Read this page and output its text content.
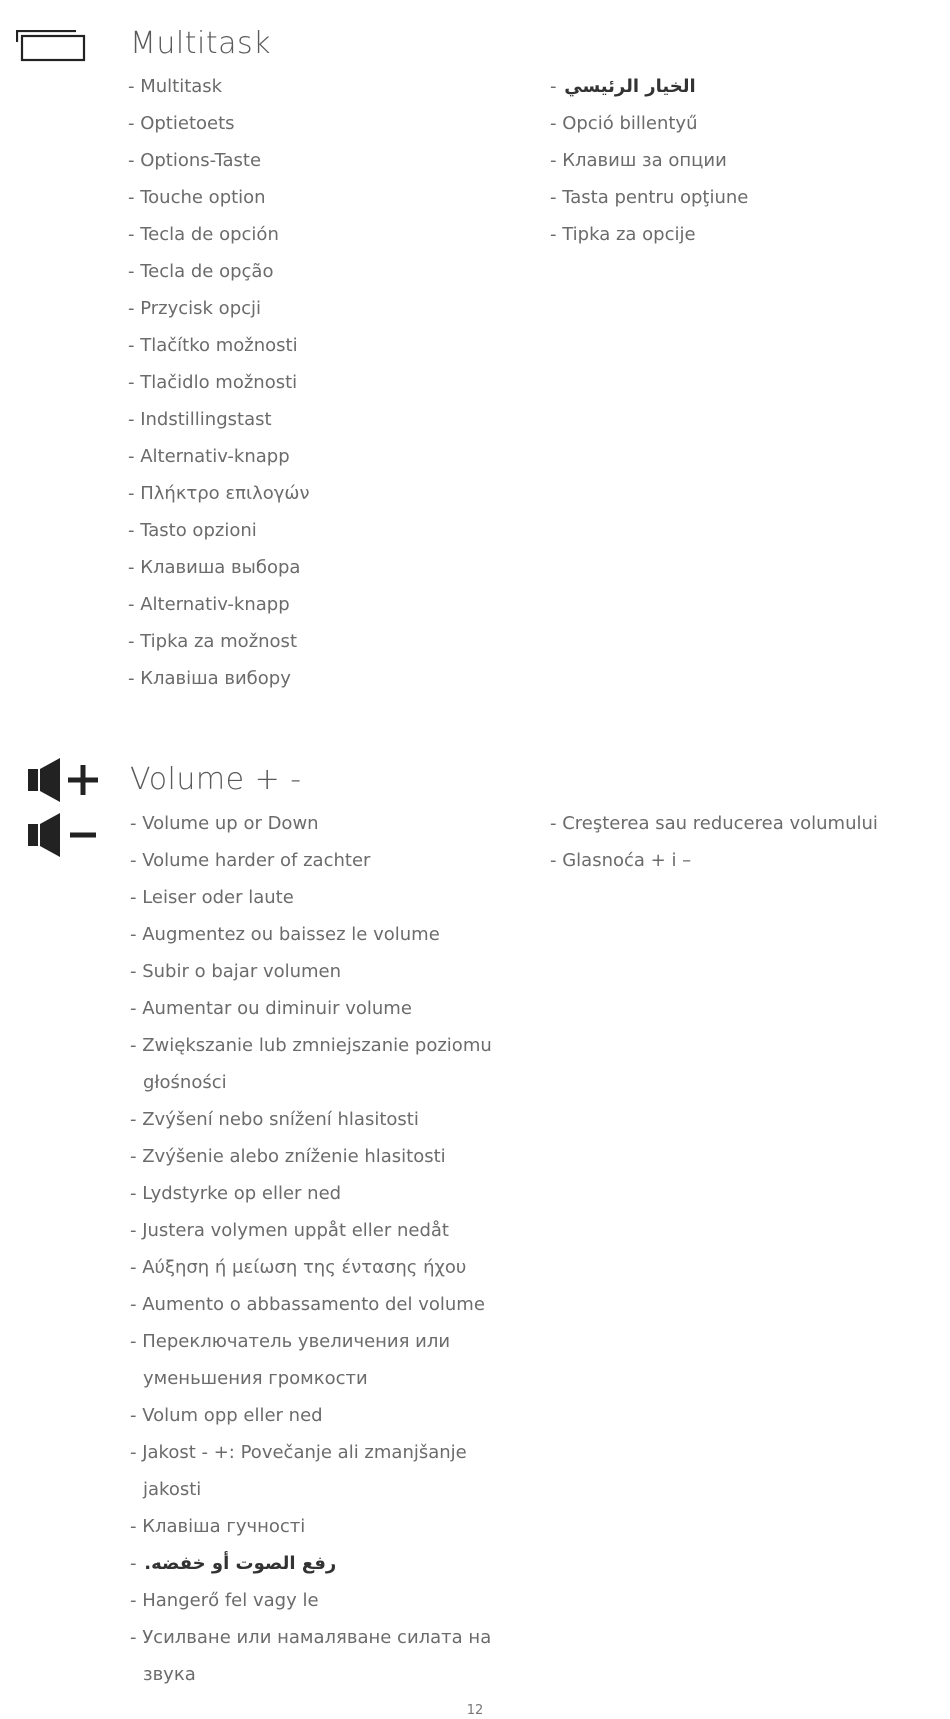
Multitask
- Multitask
- Optietoets
- Options-Taste
- Touche option
- Tecla de opción
- Tecla de opção
- Przycisk opcji
- Tlačítko možnosti
- Tlačidlo možnosti
- Indstillingstast
- Alternativ-knapp
- Πλήκτρο επιλογών
- Tasto opzioni
- Клавиша выбора
- Alternativ-knapp
- Tipka za možnost
- Клавіша вибору
- الخيار الرئيسي
- Opció billentyű
- Клавиш за опции
- Tasta pentru opţiune
- Tipka za opcije
Volume + -
- Volume up or Down
- Volume harder of zachter
- Leiser oder laute
- Augmentez ou baissez le volume
- Subir o bajar volumen
- Aumentar ou diminuir volume
- Zwiększanie lub zmniejszanie poziomu głośności
- Zvýšení nebo snížení hlasitosti
- Zvýšenie alebo zníženie hlasitosti
- Lydstyrke op eller ned
- Justera volymen uppåt eller nedåt
- Αύξηση ή μείωση της έντασης ήχου
- Aumento o abbassamento del volume
- Переключатель увеличения или уменьшения громкости
- Volum opp eller ned
- Jakost - +: Povečanje ali zmanjšanje jakosti
- Клавіша гучності
- رفع الصوت أو خفضه.
- Hangerő fel vagy le
- Усилване или намаляване силата на звука
- Creşterea sau reducerea volumului
- Glasnoća + i –
12
